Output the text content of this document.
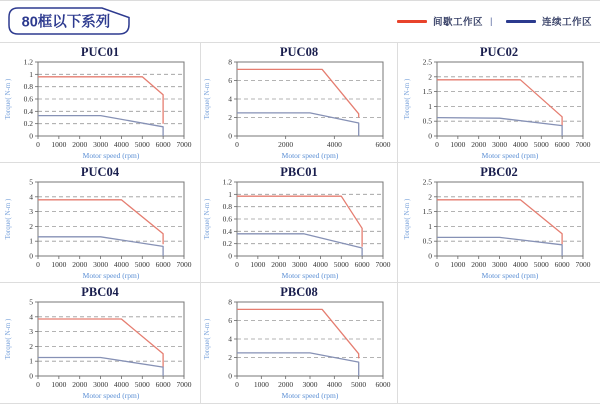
80框以下系列	间歇工作区 |	连续工作区
PUC01
0
0.2
0.4
0.6
0.8
1
1.2
0 1000 2000 3000 4000 5000 6000 7000
Motor speed (rpm)
Torque( N-m )
PUC08
0
2
4
6
8
0	2000	4000	6000
Motor speed (rpm)
Torque( N-m )
PUC02
0
0.5
1
1.5
2
2.5
0 1000 2000 3000 4000 5000 6000 7000
Motor speed (rpm)
Torque( N-m )
PUC04
0
1
2
3
4
5
0 1000 2000 3000 4000 5000 6000 7000
Motor speed (rpm)
Torque( N-m )
PBC01
0
0.2
0.4
0.6
0.8
1
1.2
0 1000 2000 3000 4000 5000 6000 7000
Motor speed (rpm)
Torque( N-m )
PBC02
0
0.5
1
1.5
2
2.5
0 1000 2000 3000 4000 5000 6000 7000
Motor speed (rpm)
Torque( N-m )
PBC04
0
1
2
3
4
5
0 1000 2000 3000 4000 5000 6000 7000
Motor speed (rpm)
Torque( N-m )
PBC08
0
2
4
6
8
0 1000 2000 3000 4000 5000 6000
Motor speed (rpm)
Torque( N-m )
